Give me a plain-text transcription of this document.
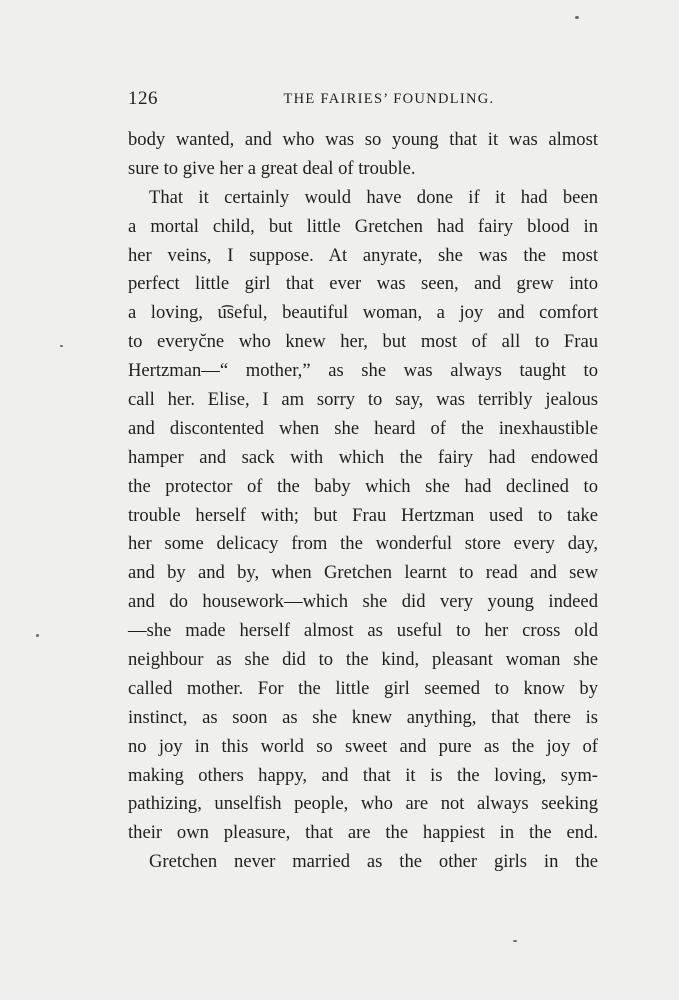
126	THE FAIRIES’ FOUNDLING.
body wanted, and who was so young that it was almost
sure to give her a great deal of trouble.
That it certainly would have done if it had been
a mortal child, but little Gretchen had fairy blood in
her veins, I suppose. At anyrate, she was the most
perfect little girl that ever was seen, and grew into
a loving, u͡seful, beautiful woman, a joy and comfort
to everyc̆ne who knew her, but most of all to Frau
Hertzman—“ mother,” as she was always taught to
call her. Elise, I am sorry to say, was terribly jealous
and discontented when she heard of the inexhaustible
hamper and sack with which the fairy had endowed
the protector of the baby which she had declined to
trouble herself with; but Frau Hertzman used to take
her some delicacy from the wonderful store every day,
and by and by, when Gretchen learnt to read and sew
and do housework—which she did very young indeed
—she made herself almost as useful to her cross old
neighbour as she did to the kind, pleasant woman she
called mother. For the little girl seemed to know by
instinct, as soon as she knew anything, that there is
no joy in this world so sweet and pure as the joy of
making others happy, and that it is the loving, sym-
pathizing, unselfish people, who are not always seeking
their own pleasure, that are the happiest in the end.
Gretchen never married as the other girls in the
